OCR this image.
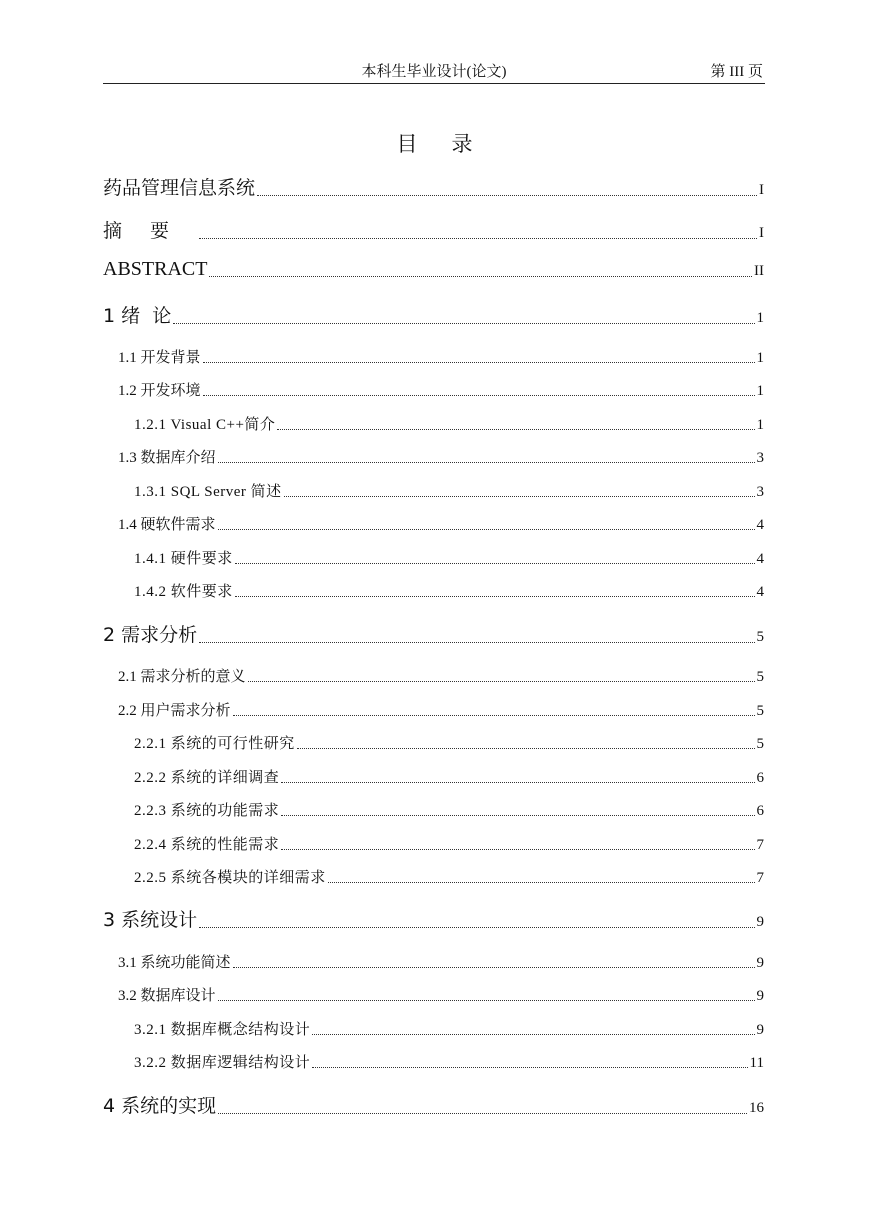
本科生毕业设计(论文)	第 III 页
目录
药品管理信息系统	I
摘要	I
ABSTRACT	II
1 绪  论	1
1.1 开发背景	1
1.2 开发环境	1
1.2.1 Visual C++简介	1
1.3 数据库介绍	3
1.3.1 SQL Server 简述	3
1.4 硬软件需求	4
1.4.1 硬件要求	4
1.4.2 软件要求	4
2 需求分析	5
2.1 需求分析的意义	5
2.2 用户需求分析	5
2.2.1 系统的可行性研究	5
2.2.2 系统的详细调查	6
2.2.3 系统的功能需求	6
2.2.4 系统的性能需求	7
2.2.5 系统各模块的详细需求	7
3 系统设计	9
3.1 系统功能简述	9
3.2 数据库设计	9
3.2.1 数据库概念结构设计	9
3.2.2 数据库逻辑结构设计	11
4 系统的实现	16
